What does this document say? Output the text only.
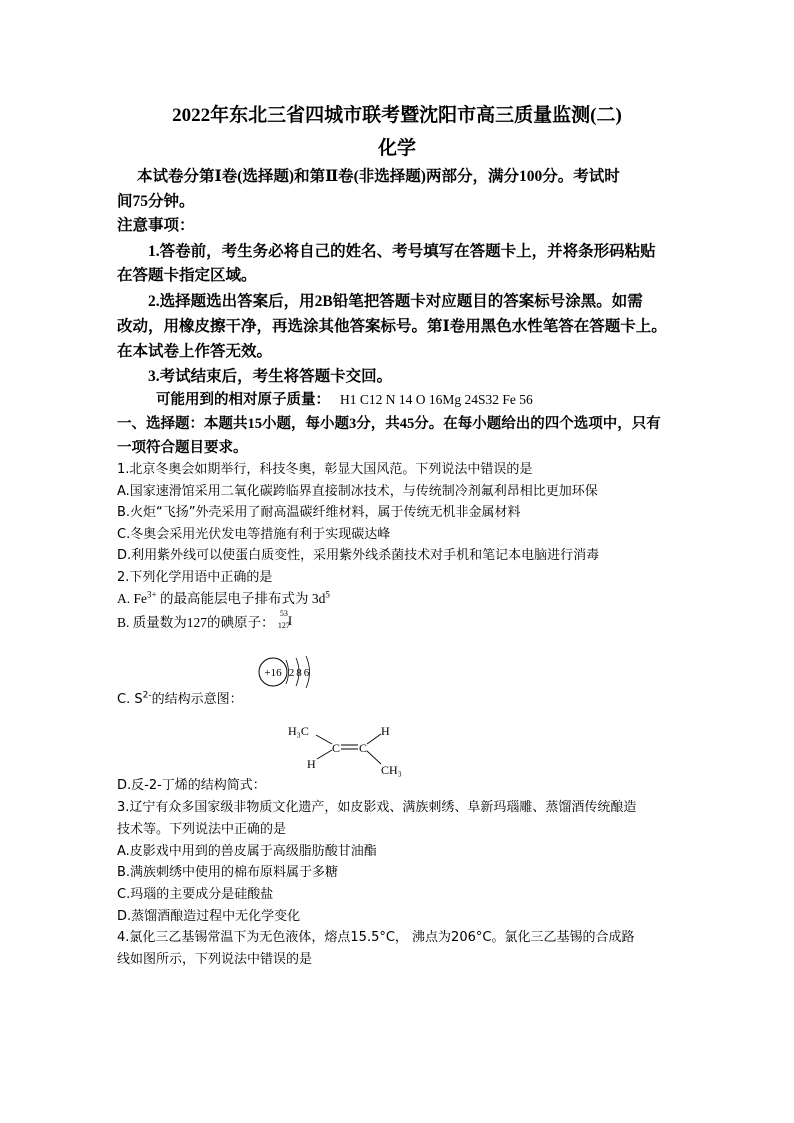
2022年东北三省四城市联考暨沈阳市高三质量监测(二)
化学
本试卷分第Ⅰ卷(选择题)和第Ⅱ卷(非选择题)两部分，满分100分。考试时
间75分钟。
注意事项：
1.答卷前，考生务必将自己的姓名、考号填写在答题卡上，并将条形码粘贴
在答题卡指定区域。
2.选择题选出答案后，用2B铅笔把答题卡对应题目的答案标号涂黑。如需
改动，用橡皮擦干净，再选涂其他答案标号。第Ⅰ卷用黑色水性笔答在答题卡上。
在本试卷上作答无效。
3.考试结束后，考生将答题卡交回。
可能用到的相对原子质量： H1 C12 N 14 O 16Mg 24S32 Fe 56
一、选择题：本题共15小题，每小题3分，共45分。在每小题给出的四个选项中，只有
一项符合题目要求。
1.北京冬奥会如期举行，科技冬奥，彰显大国风范。下列说法中错误的是
A.国家速滑馆采用二氧化碳跨临界直接制冰技术，与传统制冷剂氟利昂相比更加环保
B.火炬“飞扬”外壳采用了耐高温碳纤维材料，属于传统无机非金属材料
C.冬奥会采用光伏发电等措施有利于实现碳达峰
D.利用紫外线可以使蛋白质变性，采用紫外线杀菌技术对手机和笔记本电脑进行消毒
2.下列化学用语中正确的是
A. $Fe^{3+}$ 的最高能层电子排布式为 $3d^5$
B. 质量数为127的碘原子：
53
127
I
+16 286
C. $S^{2-}$的结构示意图：
H₃C	H
H	CH₃
C C
D.反-2-丁烯的结构简式：
3.辽宁有众多国家级非物质文化遗产，如皮影戏、满族刺绣、阜新玛瑙雕、蒸馏酒传统酿造
技术等。下列说法中正确的是
A.皮影戏中用到的兽皮属于高级脂肪酸甘油酯
B.满族刺绣中使用的棉布原料属于多糖
C.玛瑙的主要成分是硅酸盐
D.蒸馏酒酿造过程中无化学变化
4.氯化三乙基锡常温下为无色液体，熔点15.5°C， 沸点为206°C。氯化三乙基锡的合成路
线如图所示，下列说法中错误的是
